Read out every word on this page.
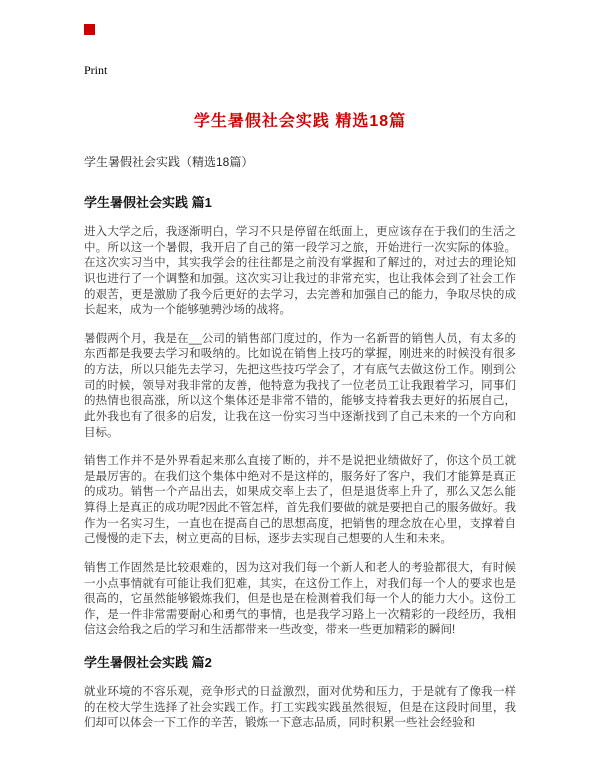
Print
学生暑假社会实践 精选18篇

学生暑假社会实践（精选18篇）

学生暑假社会实践 篇1

进入大学之后，我逐渐明白，学习不只是停留在纸面上，更应该存在于我们的生活之中。所以这一个暑假，我开启了自己的第一段学习之旅，开始进行一次实际的体验。在这次实习当中，其实我学会的往往都是之前没有掌握和了解过的，对过去的理论知识也进行了一个调整和加强。这次实习让我过的非常充实，也让我体会到了社会工作的艰苦，更是激励了我今后更好的去学习，去完善和加强自己的能力，争取尽快的成长起来，成为一个能够驰骋沙场的战将。

暑假两个月，我是在__公司的销售部门度过的，作为一名新晋的销售人员，有太多的东西都是我要去学习和吸纳的。比如说在销售上技巧的掌握，刚进来的时候没有很多的方法，所以只能先去学习，先把这些技巧学会了，才有底气去做这份工作。刚到公司的时候，领导对我非常的友善，他特意为我找了一位老员工让我跟着学习，同事们的热情也很高涨，所以这个集体还是非常不错的，能够支持着我去更好的拓展自己，此外我也有了很多的启发，让我在这一份实习当中逐渐找到了自己未来的一个方向和目标。

销售工作并不是外界看起来那么直接了断的，并不是说把业绩做好了，你这个员工就是最厉害的。在我们这个集体中绝对不是这样的，服务好了客户，我们才能算是真正的成功。销售一个产品出去，如果成交率上去了，但是退货率上升了，那么又怎么能算得上是真正的成功呢?因此不管怎样，首先我们要做的就是要把自己的服务做好。我作为一名实习生，一直也在提高自己的思想高度，把销售的理念放在心里，支撑着自己慢慢的走下去，树立更高的目标，逐步去实现自己想要的人生和未来。

销售工作固然是比较艰难的，因为这对我们每一个新人和老人的考验都很大，有时候一小点事情就有可能让我们犯难，其实，在这份工作上，对我们每一个人的要求也是很高的，它虽然能够锻炼我们，但是也是在检测着我们每一个人的能力大小。这份工作，是一件非常需要耐心和勇气的事情，也是我学习路上一次精彩的一段经历，我相信这会给我之后的学习和生活都带来一些改变，带来一些更加精彩的瞬间!

学生暑假社会实践 篇2

就业环境的不容乐观，竞争形式的日益激烈，面对优势和压力，于是就有了像我一样的在校大学生选择了社会实践工作。打工实践实践虽然很短，但是在这段时间里，我们却可以体会一下工作的辛苦，锻炼一下意志品质，同时积累一些社会经验和
